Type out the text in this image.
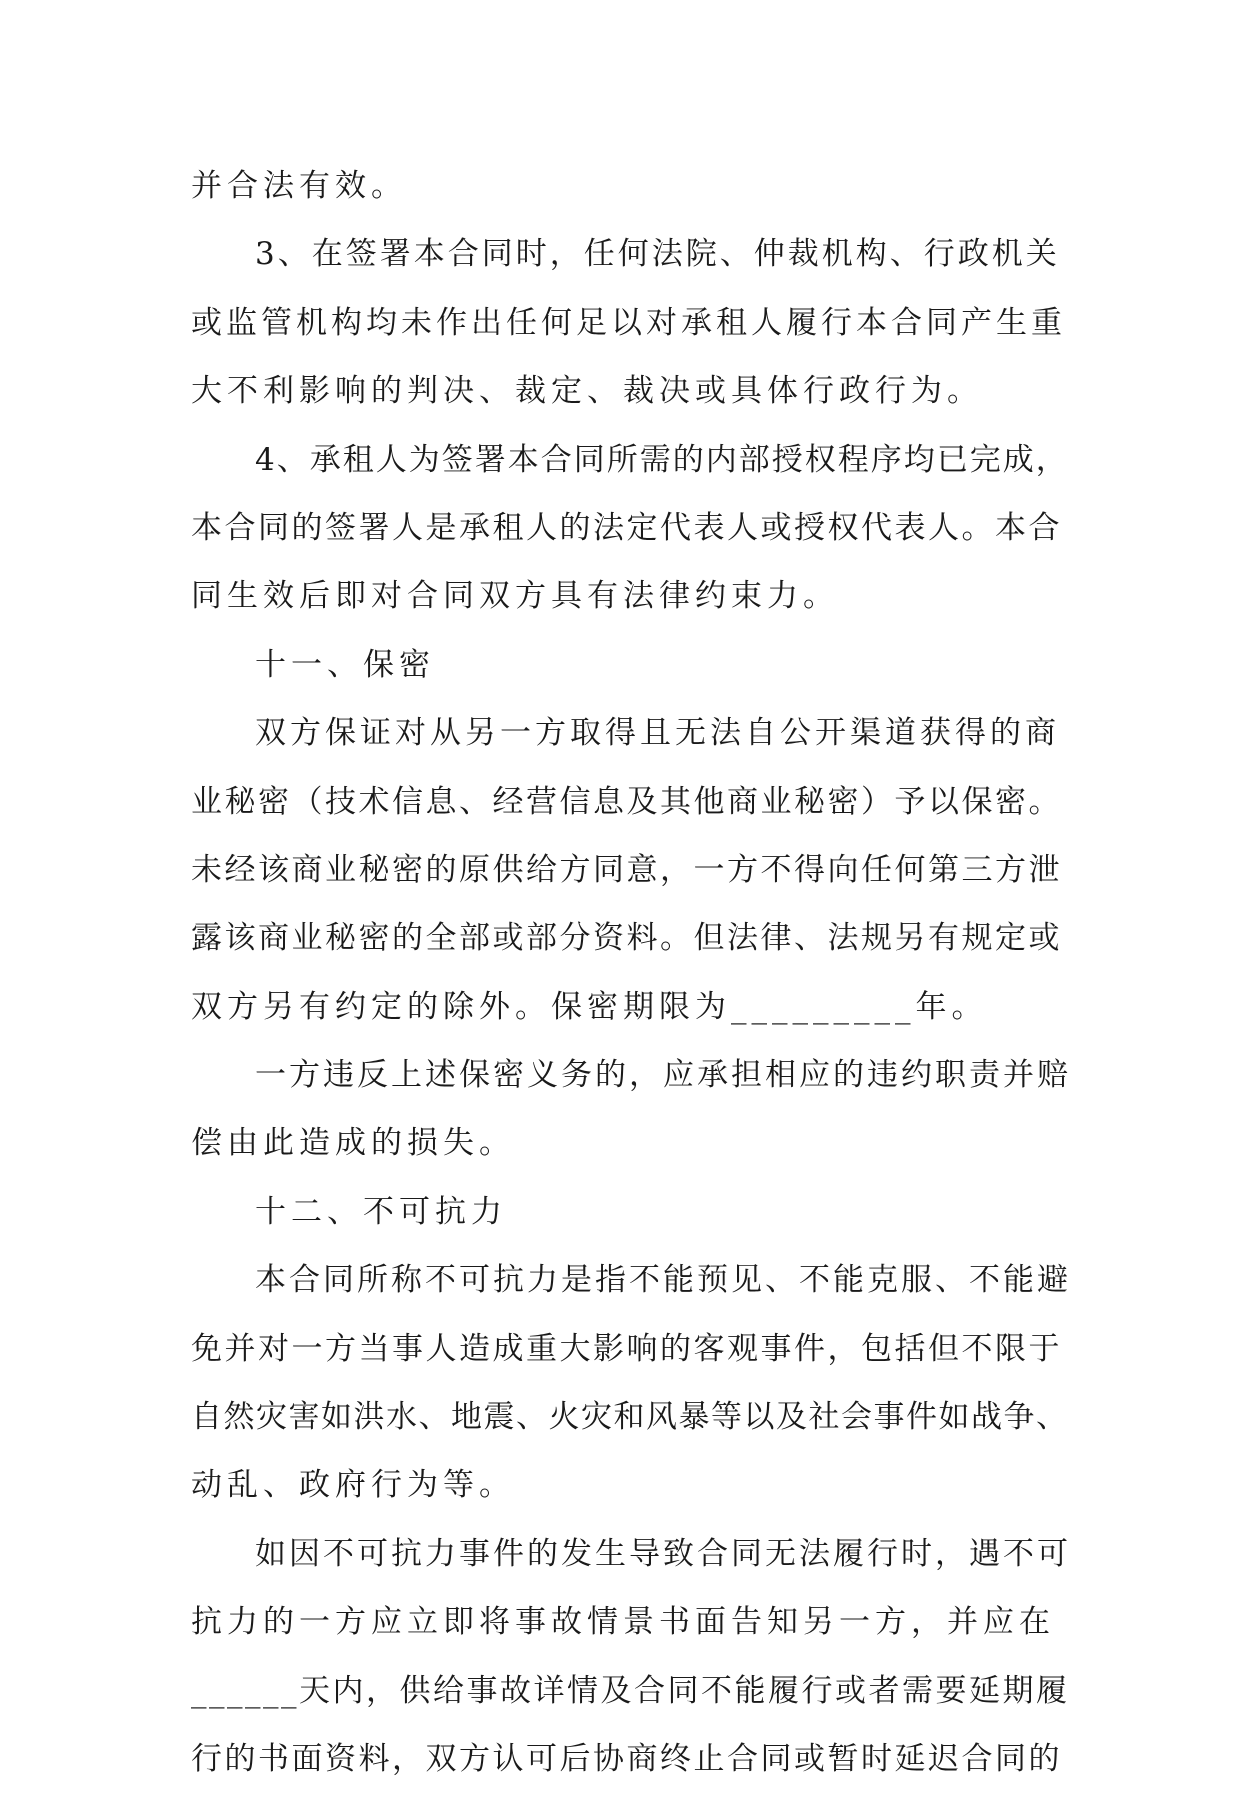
并合法有效。
3、在签署本合同时，任何法院、仲裁机构、行政机关
或监管机构均未作出任何足以对承租人履行本合同产生重
大不利影响的判决、裁定、裁决或具体行政行为。
4、承租人为签署本合同所需的内部授权程序均已完成，
本合同的签署人是承租人的法定代表人或授权代表人。本合
同生效后即对合同双方具有法律约束力。
十一、保密
双方保证对从另一方取得且无法自公开渠道获得的商
业秘密（技术信息、经营信息及其他商业秘密）予以保密。
未经该商业秘密的原供给方同意，一方不得向任何第三方泄
露该商业秘密的全部或部分资料。但法律、法规另有规定或
双方另有约定的除外。保密期限为_________年。
一方违反上述保密义务的，应承担相应的违约职责并赔
偿由此造成的损失。
十二、不可抗力
本合同所称不可抗力是指不能预见、不能克服、不能避
免并对一方当事人造成重大影响的客观事件，包括但不限于
自然灾害如洪水、地震、火灾和风暴等以及社会事件如战争、
动乱、政府行为等。
如因不可抗力事件的发生导致合同无法履行时，遇不可
抗力的一方应立即将事故情景书面告知另一方，并应在
______天内，供给事故详情及合同不能履行或者需要延期履
行的书面资料，双方认可后协商终止合同或暂时延迟合同的
